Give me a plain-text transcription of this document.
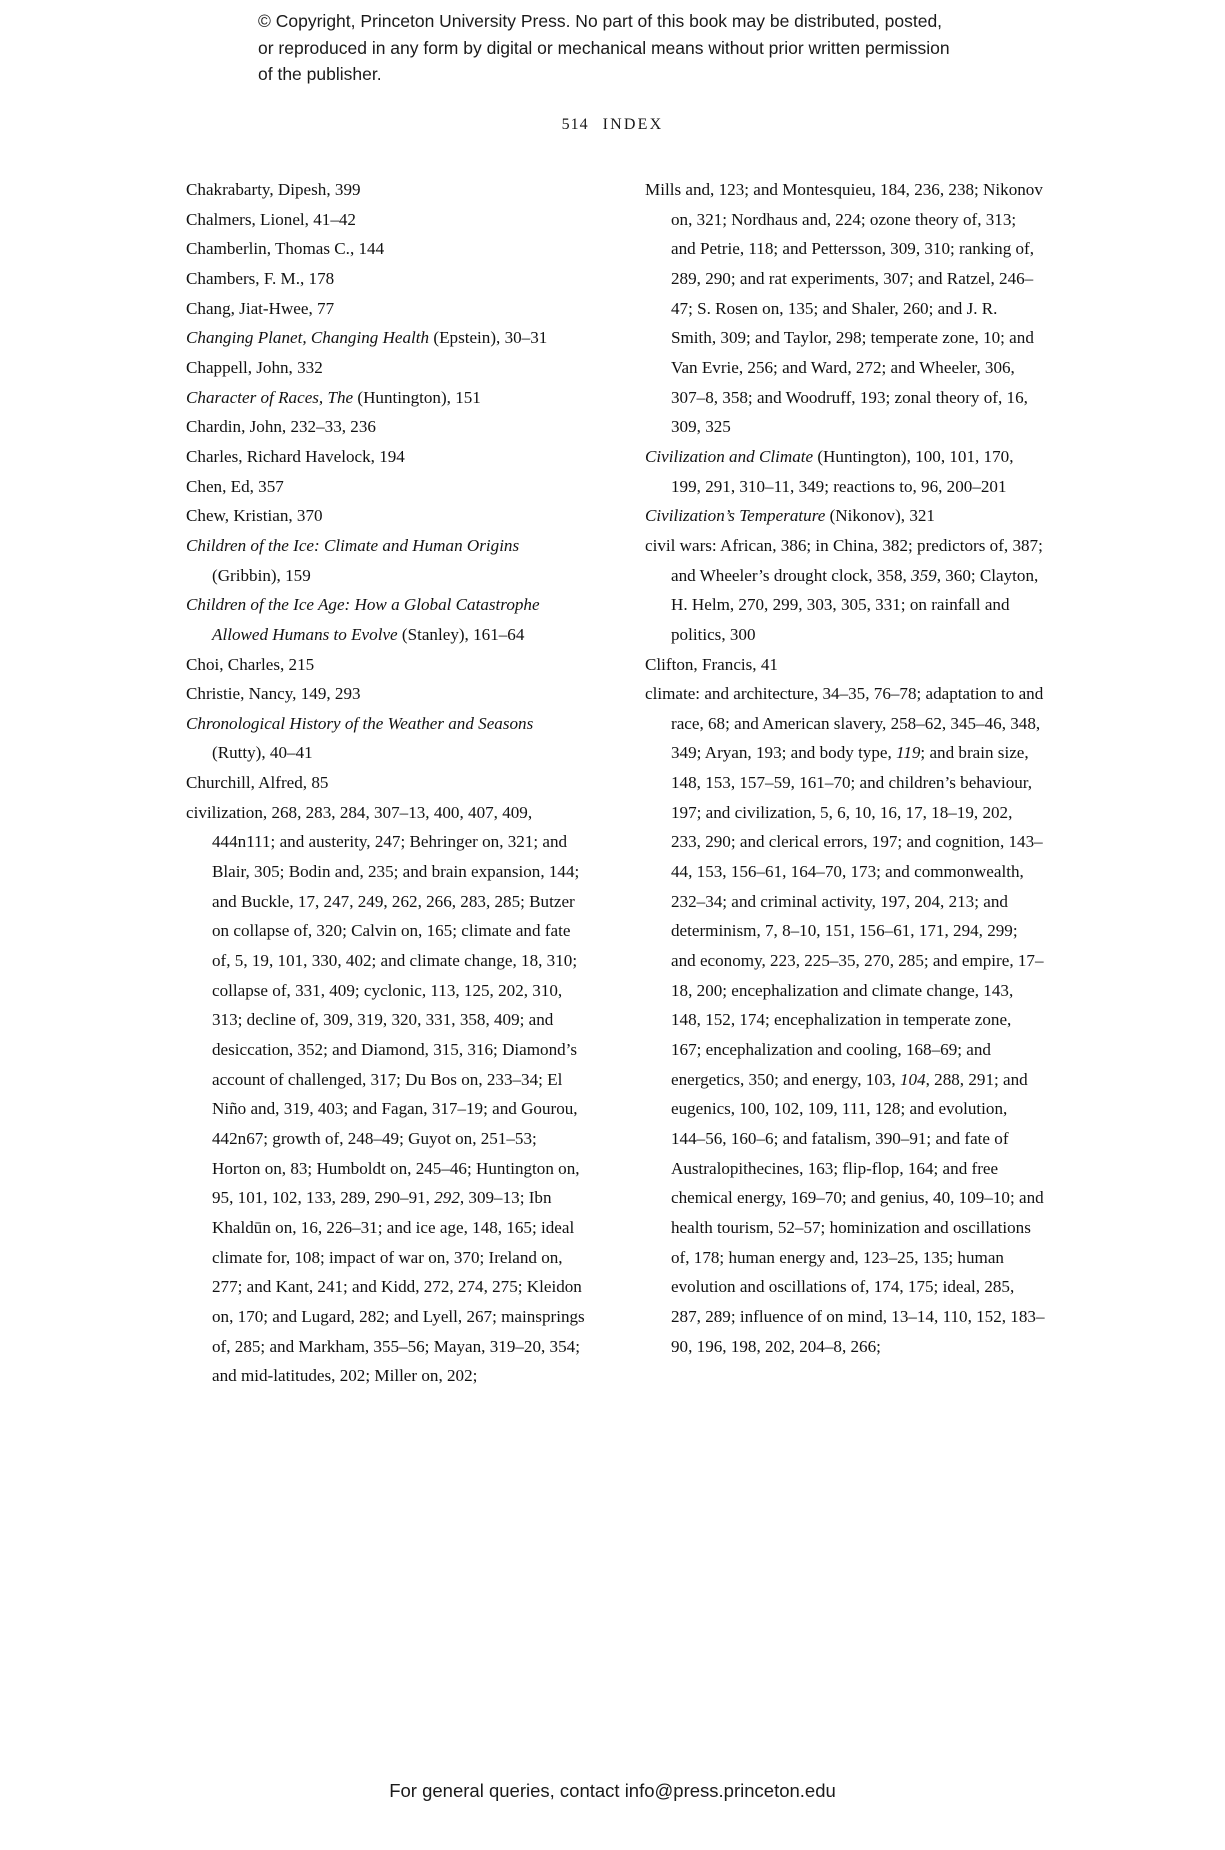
© Copyright, Princeton University Press. No part of this book may be distributed, posted, or reproduced in any form by digital or mechanical means without prior written permission of the publisher.
514 INDEX

Chakrabarty, Dipesh, 399

Chalmers, Lionel, 41–42

Chamberlin, Thomas C., 144

Chambers, F. M., 178

Chang, Jiat-Hwee, 77

Changing Planet, Changing Health (Epstein), 30–31

Chappell, John, 332

Character of Races, The (Huntington), 151

Chardin, John, 232–33, 236

Charles, Richard Havelock, 194

Chen, Ed, 357

Chew, Kristian, 370

Children of the Ice: Climate and Human Origins (Gribbin), 159

Children of the Ice Age: How a Global Catastrophe Allowed Humans to Evolve (Stanley), 161–64

Choi, Charles, 215

Christie, Nancy, 149, 293

Chronological History of the Weather and Seasons (Rutty), 40–41

Churchill, Alfred, 85

civilization, 268, 283, 284, 307–13, 400, 407, 409, 444n111; and austerity, 247; Behringer on, 321; and Blair, 305; Bodin and, 235; and brain expansion, 144; and Buckle, 17, 247, 249, 262, 266, 283, 285; Butzer on collapse of, 320; Calvin on, 165; climate and fate of, 5, 19, 101, 330, 402; and climate change, 18, 310; collapse of, 331, 409; cyclonic, 113, 125, 202, 310, 313; decline of, 309, 319, 320, 331, 358, 409; and desiccation, 352; and Diamond, 315, 316; Diamond’s account of challenged, 317; Du Bos on, 233–34; El Niño and, 319, 403; and Fagan, 317–19; and Gourou, 442n67; growth of, 248–49; Guyot on, 251–53; Horton on, 83; Humboldt on, 245–46; Huntington on, 95, 101, 102, 133, 289, 290–91, 292, 309–13; Ibn Khaldūn on, 16, 226–31; and ice age, 148, 165; ideal climate for, 108; impact of war on, 370; Ireland on, 277; and Kant, 241; and Kidd, 272, 274, 275; Kleidon on, 170; and Lugard, 282; and Lyell, 267; mainsprings of, 285; and Markham, 355–56; Mayan, 319–20, 354; and mid-latitudes, 202; Miller on, 202;

Mills and, 123; and Montesquieu, 184, 236, 238; Nikonov on, 321; Nordhaus and, 224; ozone theory of, 313; and Petrie, 118; and Pettersson, 309, 310; ranking of, 289, 290; and rat experiments, 307; and Ratzel, 246–47; S. Rosen on, 135; and Shaler, 260; and J. R. Smith, 309; and Taylor, 298; temperate zone, 10; and Van Evrie, 256; and Ward, 272; and Wheeler, 306, 307–8, 358; and Woodruff, 193; zonal theory of, 16, 309, 325

Civilization and Climate (Huntington), 100, 101, 170, 199, 291, 310–11, 349; reactions to, 96, 200–201

Civilization’s Temperature (Nikonov), 321

civil wars: African, 386; in China, 382; predictors of, 387; and Wheeler’s drought clock, 358, 359, 360; Clayton, H. Helm, 270, 299, 303, 305, 331; on rainfall and politics, 300

Clifton, Francis, 41

climate: and architecture, 34–35, 76–78; adaptation to and race, 68; and American slavery, 258–62, 345–46, 348, 349; Aryan, 193; and body type, 119; and brain size, 148, 153, 157–59, 161–70; and children’s behaviour, 197; and civilization, 5, 6, 10, 16, 17, 18–19, 202, 233, 290; and clerical errors, 197; and cognition, 143–44, 153, 156–61, 164–70, 173; and commonwealth, 232–34; and criminal activity, 197, 204, 213; and determinism, 7, 8–10, 151, 156–61, 171, 294, 299; and economy, 223, 225–35, 270, 285; and empire, 17–18, 200; encephalization and climate change, 143, 148, 152, 174; encephalization in temperate zone, 167; encephalization and cooling, 168–69; and energetics, 350; and energy, 103, 104, 288, 291; and eugenics, 100, 102, 109, 111, 128; and evolution, 144–56, 160–6; and fatalism, 390–91; and fate of Australopithecines, 163; flip-flop, 164; and free chemical energy, 169–70; and genius, 40, 109–10; and health tourism, 52–57; hominization and oscillations of, 178; human energy and, 123–25, 135; human evolution and oscillations of, 174, 175; ideal, 285, 287, 289; influence of on mind, 13–14, 110, 152, 183–90, 196, 198, 202, 204–8, 266;

For general queries, contact info@press.princeton.edu
